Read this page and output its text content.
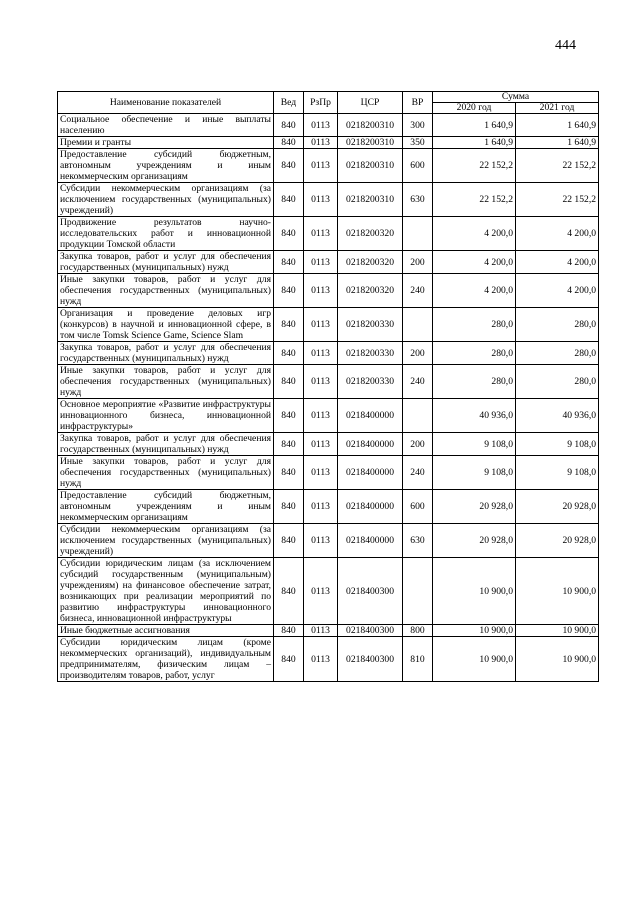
444
Наименование показателей	Вед	РзПр	ЦСР	ВР	Сумма	
					2020 год	2021 год
Социальное обеспечение и иные выплаты населению	840	0113	0218200310	300	1 640,9	1 640,9
Премии и гранты	840	0113	0218200310	350	1 640,9	1 640,9
Предоставление субсидий бюджетным, автономным учреждениям и иным некоммерческим организациям	840	0113	0218200310	600	22 152,2	22 152,2
Субсидии некоммерческим организациям (за исключением государственных (муниципальных) учреждений)	840	0113	0218200310	630	22 152,2	22 152,2
Продвижение результатов научно-исследовательских работ и инновационной продукции Томской области	840	0113	0218200320		4 200,0	4 200,0
Закупка товаров, работ и услуг для обеспечения государственных (муниципальных) нужд	840	0113	0218200320	200	4 200,0	4 200,0
Иные закупки товаров, работ и услуг для обеспечения государственных (муниципальных) нужд	840	0113	0218200320	240	4 200,0	4 200,0
Организация и проведение деловых игр (конкурсов) в научной и инновационной сфере, в том числе Tomsk Science Game, Science Slam	840	0113	0218200330		280,0	280,0
Закупка товаров, работ и услуг для обеспечения государственных (муниципальных) нужд	840	0113	0218200330	200	280,0	280,0
Иные закупки товаров, работ и услуг для обеспечения государственных (муниципальных) нужд	840	0113	0218200330	240	280,0	280,0
Основное мероприятие «Развитие инфраструктуры инновационного бизнеса, инновационной инфраструктуры»	840	0113	0218400000		40 936,0	40 936,0
Закупка товаров, работ и услуг для обеспечения государственных (муниципальных) нужд	840	0113	0218400000	200	9 108,0	9 108,0
Иные закупки товаров, работ и услуг для обеспечения государственных (муниципальных) нужд	840	0113	0218400000	240	9 108,0	9 108,0
Предоставление субсидий бюджетным, автономным учреждениям и иным некоммерческим организациям	840	0113	0218400000	600	20 928,0	20 928,0
Субсидии некоммерческим организациям (за исключением государственных (муниципальных) учреждений)	840	0113	0218400000	630	20 928,0	20 928,0
Субсидии юридическим лицам (за исключением субсидий государственным (муниципальным) учреждениям) на финансовое обеспечение затрат, возникающих при реализации мероприятий по развитию инфраструктуры инновационного бизнеса, инновационной инфраструктуры	840	0113	0218400300		10 900,0	10 900,0
Иные бюджетные ассигнования	840	0113	0218400300	800	10 900,0	10 900,0
Субсидии юридическим лицам (кроме некоммерческих организаций), индивидуальным предпринимателям, физическим лицам – производителям товаров, работ, услуг	840	0113	0218400300	810	10 900,0	10 900,0
